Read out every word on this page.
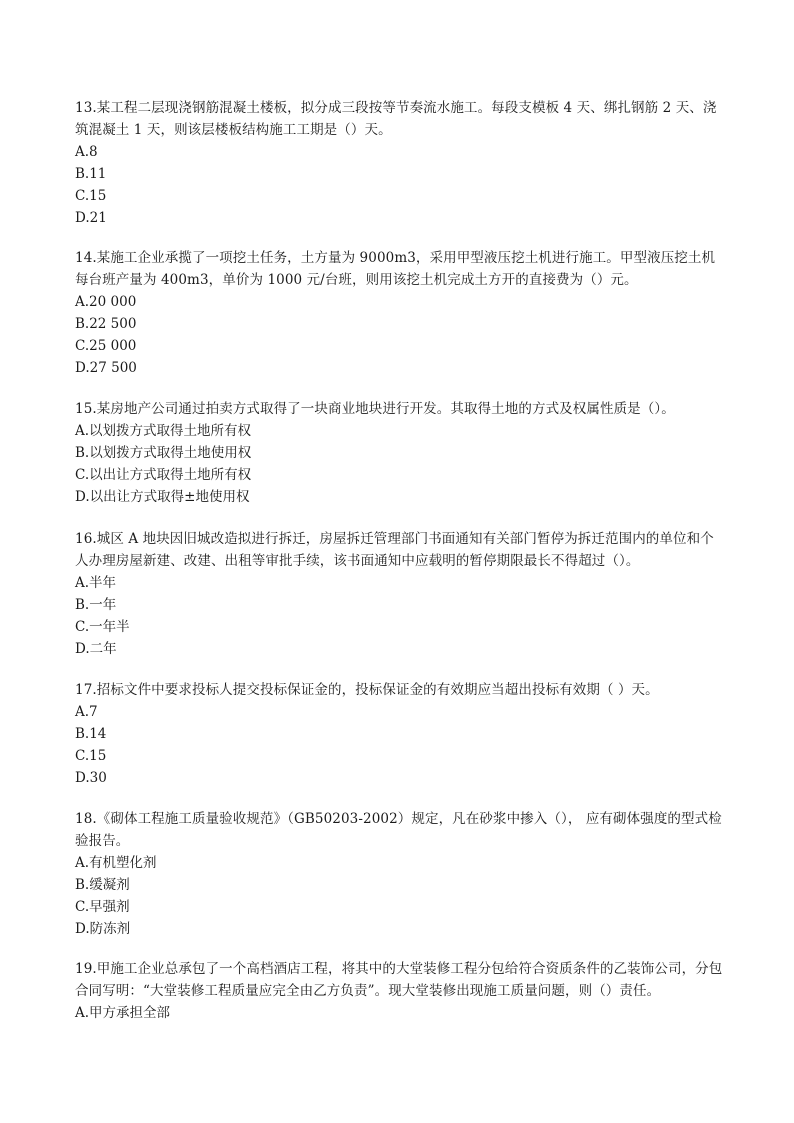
13.某工程二层现浇钢筋混凝土楼板，拟分成三段按等节奏流水施工。每段支模板 4 天、绑扎钢筋 2 天、浇筑混凝土 1 天，则该层楼板结构施工工期是（）天。

A.8

B.11

C.15

D.21

14.某施工企业承揽了一项挖土任务，土方量为 9000m3，采用甲型液压挖土机进行施工。甲型液压挖土机每台班产量为 400m3，单价为 1000 元/台班，则用该挖土机完成土方开的直接费为（）元。

A.20 000

B.22 500

C.25 000

D.27 500

15.某房地产公司通过拍卖方式取得了一块商业地块进行开发。其取得土地的方式及权属性质是（）。

A.以划拨方式取得土地所有权

B.以划拨方式取得土地使用权

C.以出让方式取得土地所有权

D.以出让方式取得±地使用权

16.城区 A 地块因旧城改造拟进行拆迁，房屋拆迁管理部门书面通知有关部门暂停为拆迁范围内的单位和个人办理房屋新建、改建、出租等审批手续，该书面通知中应载明的暂停期限最长不得超过（）。

A.半年

B.一年

C.一年半

D.二年

17.招标文件中要求投标人提交投标保证金的，投标保证金的有效期应当超出投标有效期（ ）天。

A.7

B.14

C.15

D.30

18.《砌体工程施工质量验收规范》（GB50203-2002）规定，凡在砂浆中掺入（）， 应有砌体强度的型式检验报告。

A.有机塑化剂

B.缓凝剂

C.早强剂

D.防冻剂

19.甲施工企业总承包了一个高档酒店工程，将其中的大堂装修工程分包给符合资质条件的乙装饰公司，分包合同写明：“大堂装修工程质量应完全由乙方负责”。现大堂装修出现施工质量问题，则（）责任。

A.甲方承担全部
